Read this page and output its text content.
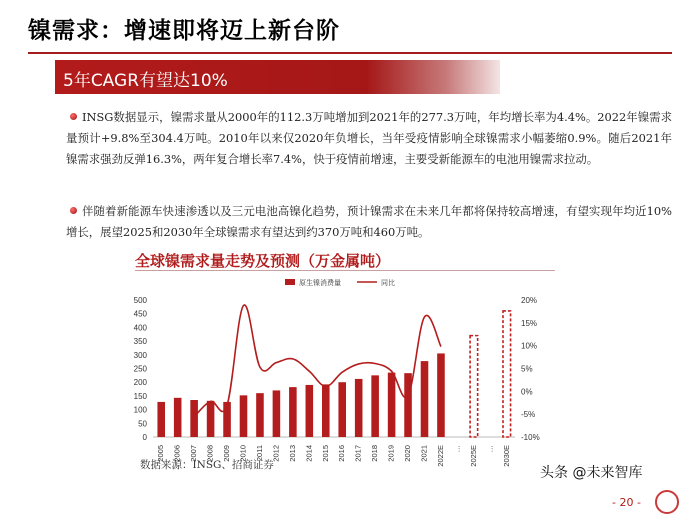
镍需求：增速即将迈上新台阶
5年CAGR有望达10%

INSG数据显示，镍需求量从2000年的112.3万吨增加到2021年的277.3万吨，年均增长率为4.4%。2022年镍需求量预计+9.8%至304.4万吨。2010年以来仅2020年负增长，当年受疫情影响全球镍需求小幅萎缩0.9%。随后2021年镍需求强劲反弹16.3%，两年复合增长率7.4%，快于疫情前增速，主要受新能源车的电池用镍需求拉动。

伴随着新能源车快速渗透以及三元电池高镍化趋势，预计镍需求在未来几年都将保持较高增速，有望实现年均近10%增长，展望2025和2030年全球镍需求有望达到约370万吨和460万吨。

全球镍需求量走势及预测（万金属吨）
0
50
100
150
200
250
300
350
400
450
500
-10%
-5%
0%
5%
10%
15%
20%
2005 2006 2007 2008 2009 2010 2011 2012 2013 2014 2015 2016 2017 2018 2019 2020 2021 2022E … 2025E … 2030E
原生镍消费量	同比
数据来源：INSG、招商证券	头条 @未来智库
- 20 -
